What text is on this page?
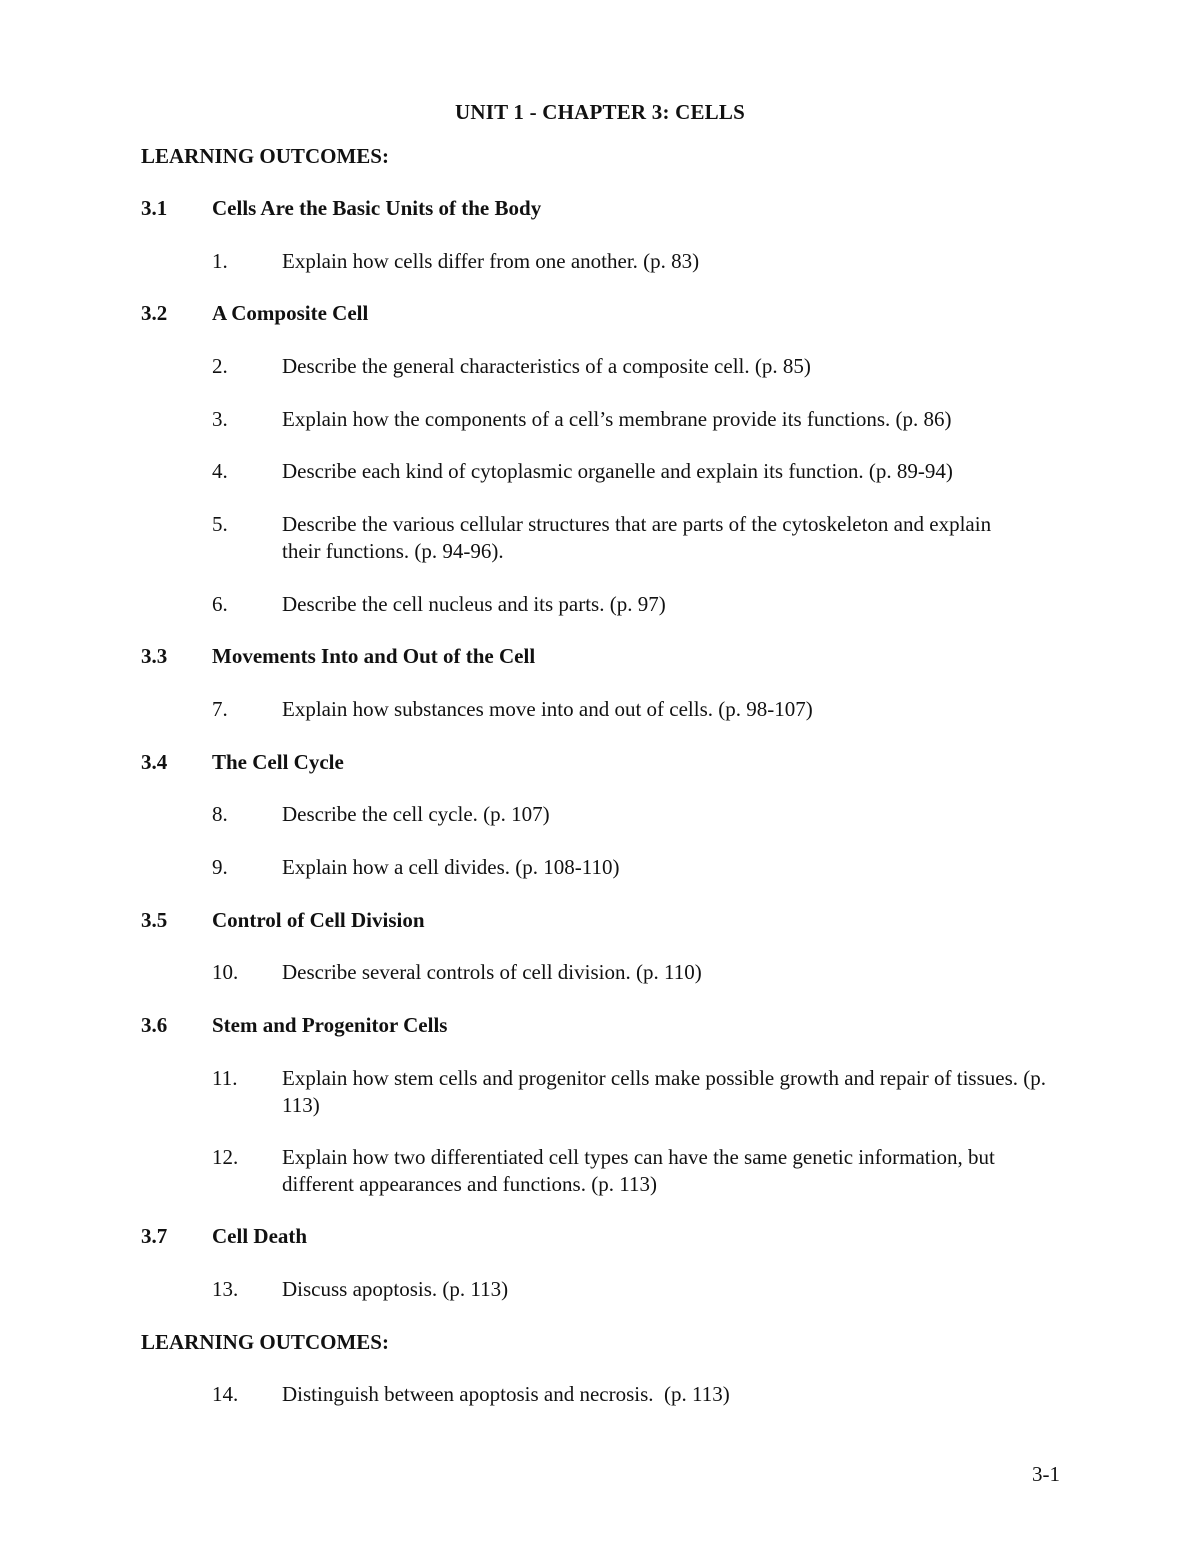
UNIT 1 - CHAPTER 3: CELLS
LEARNING OUTCOMES:
3.1 Cells Are the Basic Units of the Body
1.	Explain how cells differ from one another. (p. 83)
3.2 A Composite Cell
2.	Describe the general characteristics of a composite cell. (p. 85)
3.	Explain how the components of a cell’s membrane provide its functions. (p. 86)
4.	Describe each kind of cytoplasmic organelle and explain its function. (p. 89-94)
5.	Describe the various cellular structures that are parts of the cytoskeleton and explain their functions. (p. 94-96).
6.	Describe the cell nucleus and its parts. (p. 97)
3.3 Movements Into and Out of the Cell
7.	Explain how substances move into and out of cells. (p. 98-107)
3.4 The Cell Cycle
8.	Describe the cell cycle. (p. 107)
9.	Explain how a cell divides. (p. 108-110)
3.5 Control of Cell Division
10.	Describe several controls of cell division. (p. 110)
3.6 Stem and Progenitor Cells
11.	Explain how stem cells and progenitor cells make possible growth and repair of tissues. (p. 113)
12.	Explain how two differentiated cell types can have the same genetic information, but different appearances and functions. (p. 113)
3.7 Cell Death
13.	Discuss apoptosis. (p. 113)
LEARNING OUTCOMES:
14.	Distinguish between apoptosis and necrosis.  (p. 113)
3-1
